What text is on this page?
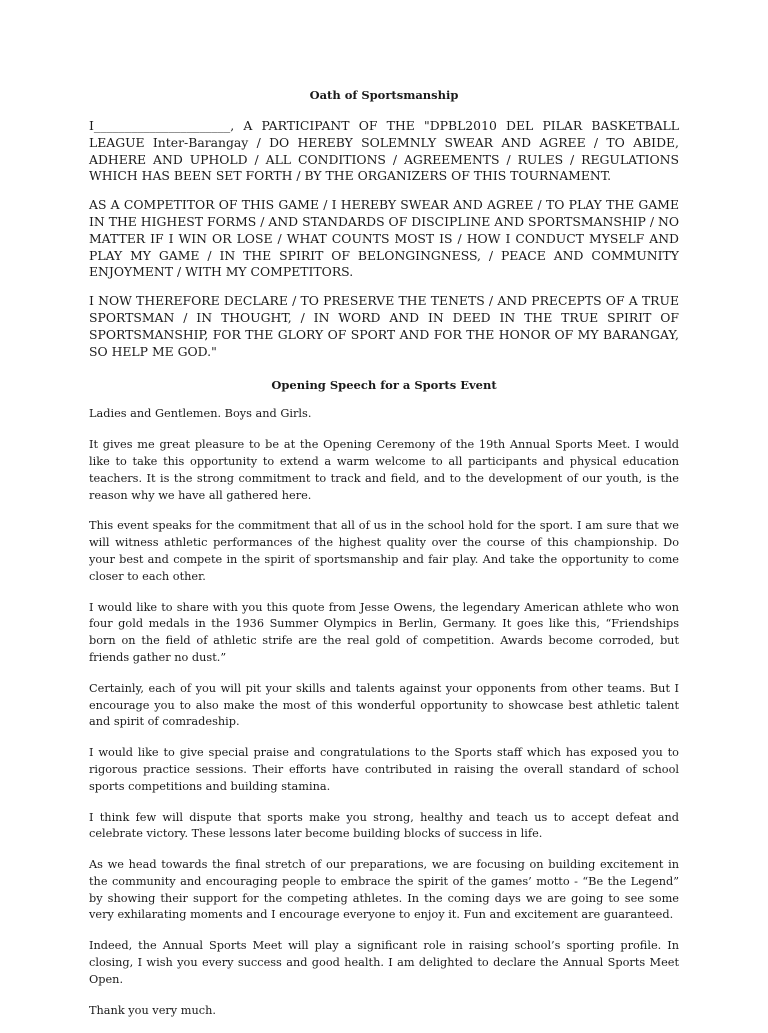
Oath of Sportsmanship

I______________________, A PARTICIPANT OF THE "DPBL2010 DEL PILAR BASKETBALL LEAGUE Inter-Barangay / DO HEREBY SOLEMNLY SWEAR AND AGREE / TO ABIDE, ADHERE AND UPHOLD / ALL CONDITIONS / AGREEMENTS / RULES / REGULATIONS WHICH HAS BEEN SET FORTH / BY THE ORGANIZERS OF THIS TOURNAMENT.

AS A COMPETITOR OF THIS GAME / I HEREBY SWEAR AND AGREE / TO PLAY THE GAME IN THE HIGHEST FORMS / AND STANDARDS OF DISCIPLINE AND SPORTSMANSHIP / NO MATTER IF I WIN OR LOSE / WHAT COUNTS MOST IS / HOW I CONDUCT MYSELF AND PLAY MY GAME / IN THE SPIRIT OF BELONGINGNESS, / PEACE AND COMMUNITY ENJOYMENT / WITH MY COMPETITORS.

I NOW THEREFORE DECLARE / TO PRESERVE THE TENETS / AND PRECEPTS OF A TRUE SPORTSMAN / IN THOUGHT, / IN WORD AND IN DEED IN THE TRUE SPIRIT OF SPORTSMANSHIP, FOR THE GLORY OF SPORT AND FOR THE HONOR OF MY BARANGAY, SO HELP ME GOD."

Opening Speech for a Sports Event

Ladies and Gentlemen. Boys and Girls.

It gives me great pleasure to be at the Opening Ceremony of the 19th Annual Sports Meet. I would like to take this opportunity to extend a warm welcome to all participants and physical education teachers. It is the strong commitment to track and field, and to the development of our youth, is the reason why we have all gathered here.

This event speaks for the commitment that all of us in the school hold for the sport. I am sure that we will witness athletic performances of the highest quality over the course of this championship. Do your best and compete in the spirit of sportsmanship and fair play. And take the opportunity to come closer to each other.

I would like to share with you this quote from Jesse Owens, the legendary American athlete who won four gold medals in the 1936 Summer Olympics in Berlin, Germany. It goes like this, “Friendships born on the field of athletic strife are the real gold of competition. Awards become corroded, but friends gather no dust.”

Certainly, each of you will pit your skills and talents against your opponents from other teams. But I encourage you to also make the most of this wonderful opportunity to showcase best athletic talent and spirit of comradeship.

I would like to give special praise and congratulations to the Sports staff which has exposed you to rigorous practice sessions. Their efforts have contributed in raising the overall standard of school sports competitions and building stamina.

I think few will dispute that sports make you strong, healthy and teach us to accept defeat and celebrate victory. These lessons later become building blocks of success in life.

As we head towards the final stretch of our preparations, we are focusing on building excitement in the community and encouraging people to embrace the spirit of the games’ motto - “Be the Legend” by showing their support for the competing athletes. In the coming days we are going to see some very exhilarating moments and I encourage everyone to enjoy it. Fun and excitement are guaranteed.

Indeed, the Annual Sports Meet will play a significant role in raising school’s sporting profile. In closing, I wish you every success and good health. I am delighted to declare the Annual Sports Meet Open.

Thank you very much.
